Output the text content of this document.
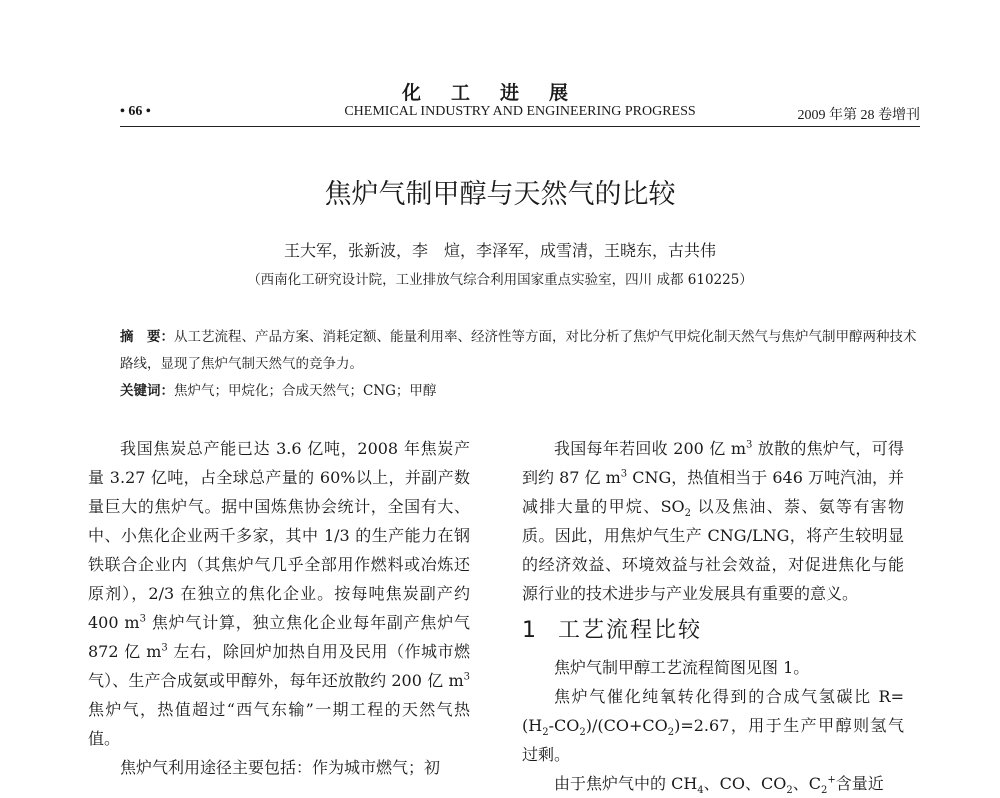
化工进展
• 66 •	CHEMICAL INDUSTRY AND ENGINEERING PROGRESS	2009 年第 28 卷增刊
焦炉气制甲醇与天然气的比较
王大军，张新波，李　煊，李泽军，成雪清，王晓东，古共伟
（西南化工研究设计院，工业排放气综合利用国家重点实验室，四川 成都 610225）
摘　要：从工艺流程、产品方案、消耗定额、能量利用率、经济性等方面，对比分析了焦炉气甲烷化制天然气与焦炉气制甲醇两种技术路线，显现了焦炉气制天然气的竞争力。
关键词：焦炉气；甲烷化；合成天然气；CNG；甲醇

我国焦炭总产能已达 3.6 亿吨，2008 年焦炭产量 3.27 亿吨，占全球总产量的 60%以上，并副产数量巨大的焦炉气。据中国炼焦协会统计，全国有大、中、小焦化企业两千多家，其中 1/3 的生产能力在钢铁联合企业内（其焦炉气几乎全部用作燃料或冶炼还原剂），2/3 在独立的焦化企业。按每吨焦炭副产约 400 $m^3$ 焦炉气计算，独立焦化企业每年副产焦炉气 872 亿 $m^3$ 左右，除回炉加热自用及民用（作城市燃气）、生产合成氨或甲醇外，每年还放散约 200 亿 $m^3$ 焦炉气，热值超过“西气东输”一期工程的天然气热值。

焦炉气利用途径主要包括：作为城市燃气；初

我国每年若回收 200 亿 $m^3$ 放散的焦炉气，可得到约 87 亿 $m^3$ CNG，热值相当于 646 万吨汽油，并减排大量的甲烷、$SO_2$ 以及焦油、萘、氨等有害物质。因此，用焦炉气生产 CNG/LNG，将产生较明显的经济效益、环境效益与社会效益，对促进焦化与能源行业的技术进步与产业发展具有重要的意义。

1 工艺流程比较

焦炉气制甲醇工艺流程简图见图 1。

焦炉气催化纯氧转化得到的合成气氢碳比 $R=(H_2-CO_2)/(CO+CO_2)=2.67$，用于生产甲醇则氢气过剩。

由于焦炉气中的 $CH_4$、CO、$CO_2$、$C_2^+$含量近
